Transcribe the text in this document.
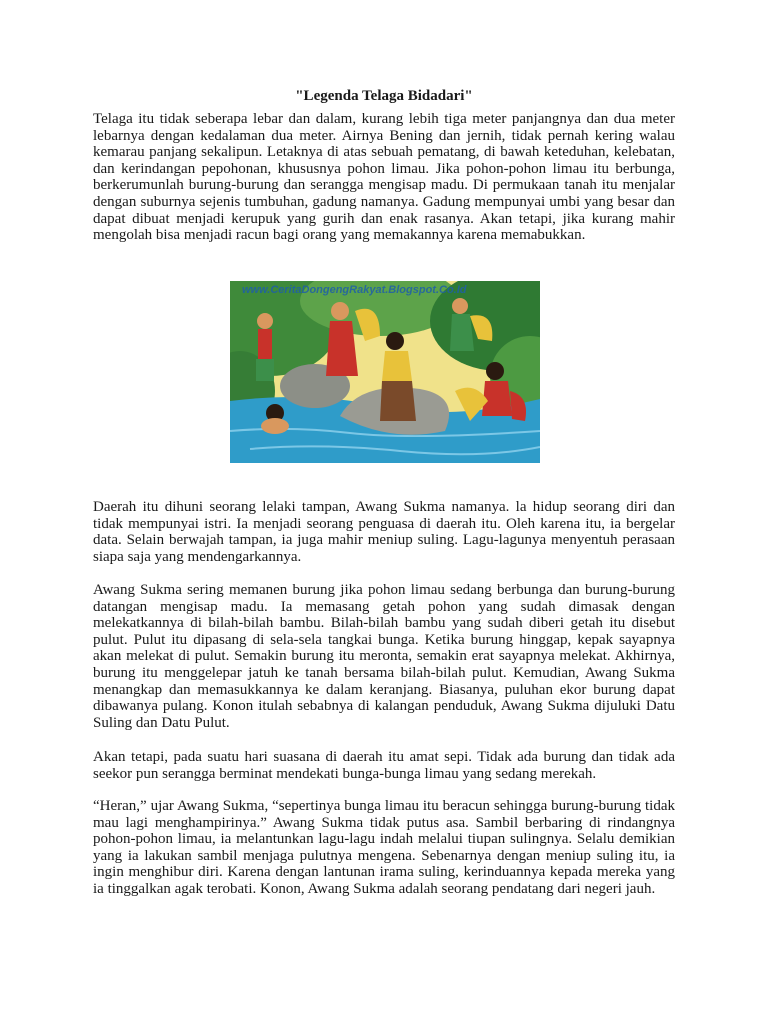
"Legenda Telaga Bidadari"

Telaga itu tidak seberapa lebar dan dalam, kurang lebih tiga meter panjangnya dan dua meter lebarnya dengan kedalaman dua meter. Airnya Bening dan jernih, tidak pernah kering walau kemarau panjang sekalipun. Letaknya di atas sebuah pematang, di bawah keteduhan, kelebatan, dan kerindangan pepohonan, khususnya pohon limau. Jika pohon-pohon limau itu berbunga, berkerumunlah burung-burung dan serangga mengisap madu. Di permukaan tanah itu menjalar dengan suburnya sejenis tumbuhan, gadung namanya. Gadung mempunyai umbi yang besar dan dapat dibuat menjadi kerupuk yang gurih dan enak rasanya. Akan tetapi, jika kurang mahir mengolah bisa menjadi racun bagi orang yang memakannya karena memabukkan.

www.CeritaDongengRakyat.Blogspot.Co.Id

Daerah itu dihuni seorang lelaki tampan, Awang Sukma namanya. la hidup seorang diri dan tidak mempunyai istri. Ia menjadi seorang penguasa di daerah itu. Oleh karena itu, ia bergelar data. Selain berwajah tampan, ia juga mahir meniup suling. Lagu-lagunya menyentuh perasaan siapa saja yang mendengarkannya.

Awang Sukma sering memanen burung jika pohon limau sedang berbunga dan burung-burung datangan mengisap madu. Ia memasang getah pohon yang sudah dimasak dengan melekatkannya di bilah-bilah bambu. Bilah-bilah bambu yang sudah diberi getah itu disebut pulut. Pulut itu dipasang di sela-sela tangkai bunga. Ketika burung hinggap, kepak sayapnya akan melekat di pulut. Semakin burung itu meronta, semakin erat sayapnya melekat. Akhirnya, burung itu menggelepar jatuh ke tanah bersama bilah-bilah pulut. Kemudian, Awang Sukma menangkap dan memasukkannya ke dalam keranjang. Biasanya, puluhan ekor burung dapat dibawanya pulang. Konon itulah sebabnya di kalangan penduduk, Awang Sukma dijuluki Datu Suling dan Datu Pulut.

Akan tetapi, pada suatu hari suasana di daerah itu amat sepi. Tidak ada burung dan tidak ada seekor pun serangga berminat mendekati bunga-bunga limau yang sedang merekah.

“Heran,” ujar Awang Sukma, “sepertinya bunga limau itu beracun sehingga burung-burung tidak mau lagi menghampirinya.” Awang Sukma tidak putus asa. Sambil berbaring di rindangnya pohon-pohon limau, ia melantunkan lagu-lagu indah melalui tiupan sulingnya. Selalu demikian yang ia lakukan sambil menjaga pulutnya mengena. Sebenarnya dengan meniup suling itu, ia ingin menghibur diri. Karena dengan lantunan irama suling, kerinduannya kepada mereka yang ia tinggalkan agak terobati. Konon, Awang Sukma adalah seorang pendatang dari negeri jauh.
